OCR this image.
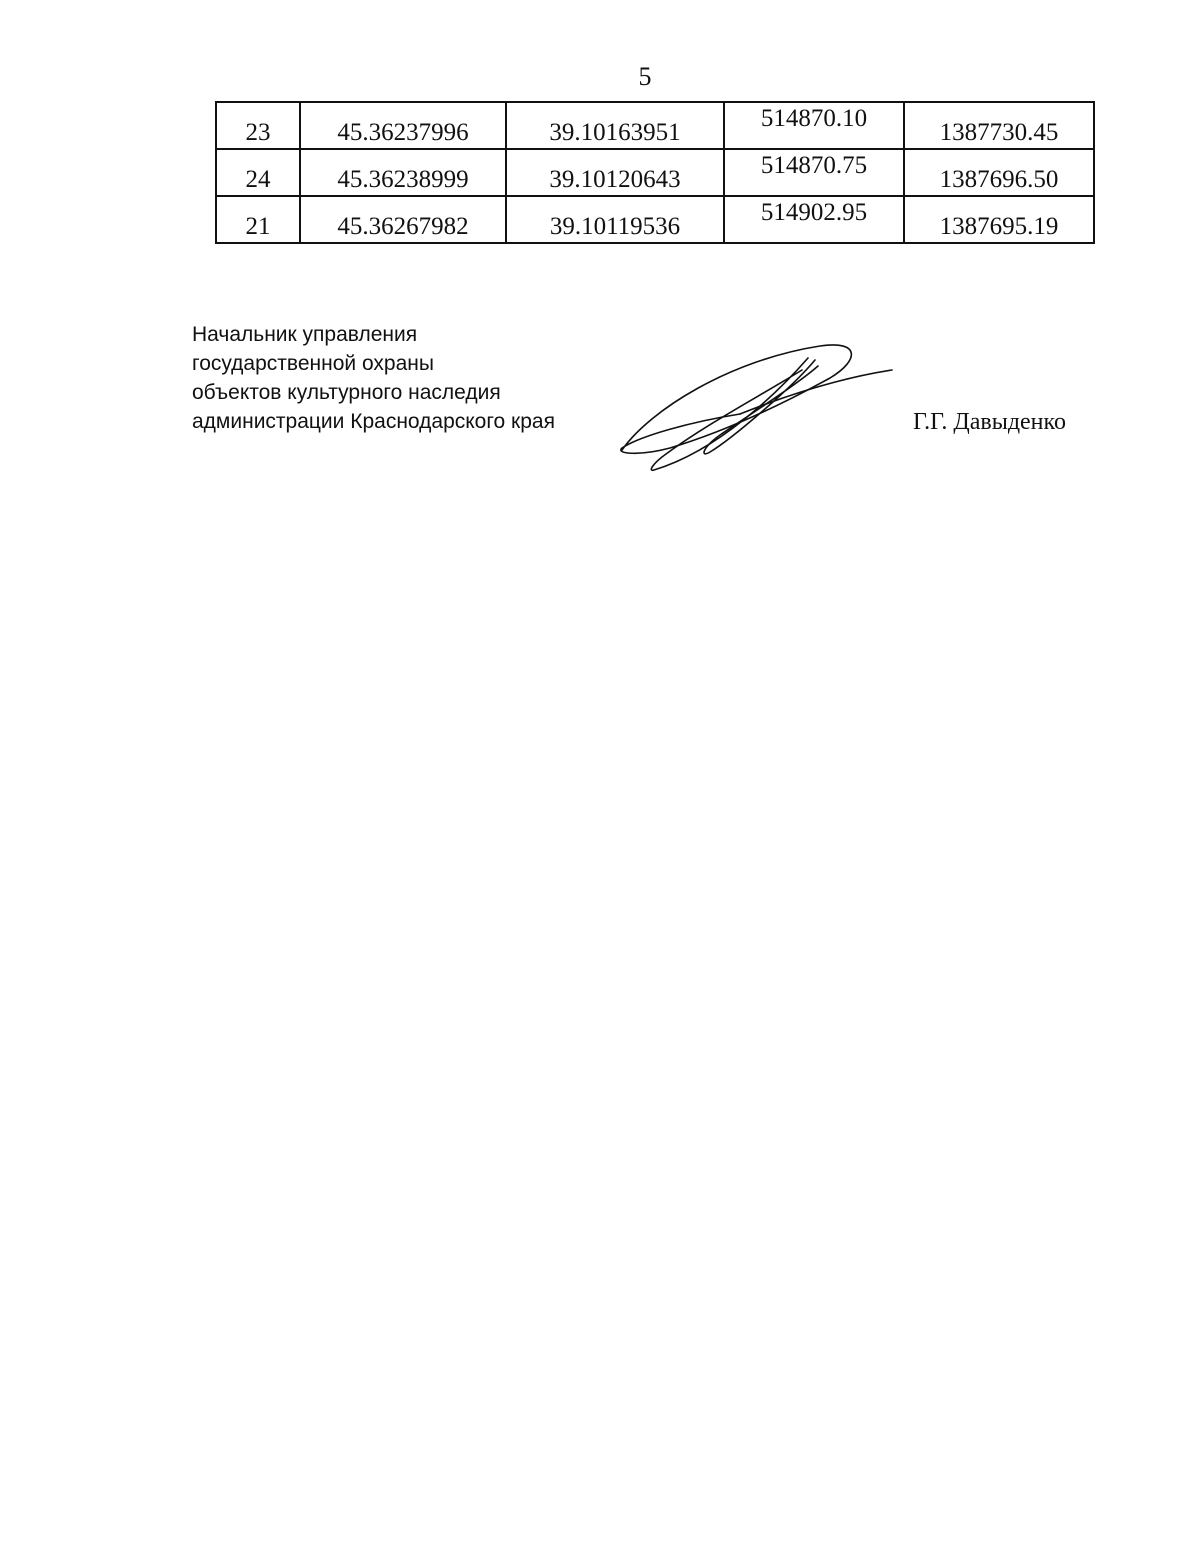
5
23	45.36237996	39.10163951	514870.10	1387730.45
24	45.36238999	39.10120643	514870.75	1387696.50
21	45.36267982	39.10119536	514902.95	1387695.19
Начальник управления
государственной охраны
объектов культурного наследия
администрации Краснодарского края	Г.Г. Давыденко
